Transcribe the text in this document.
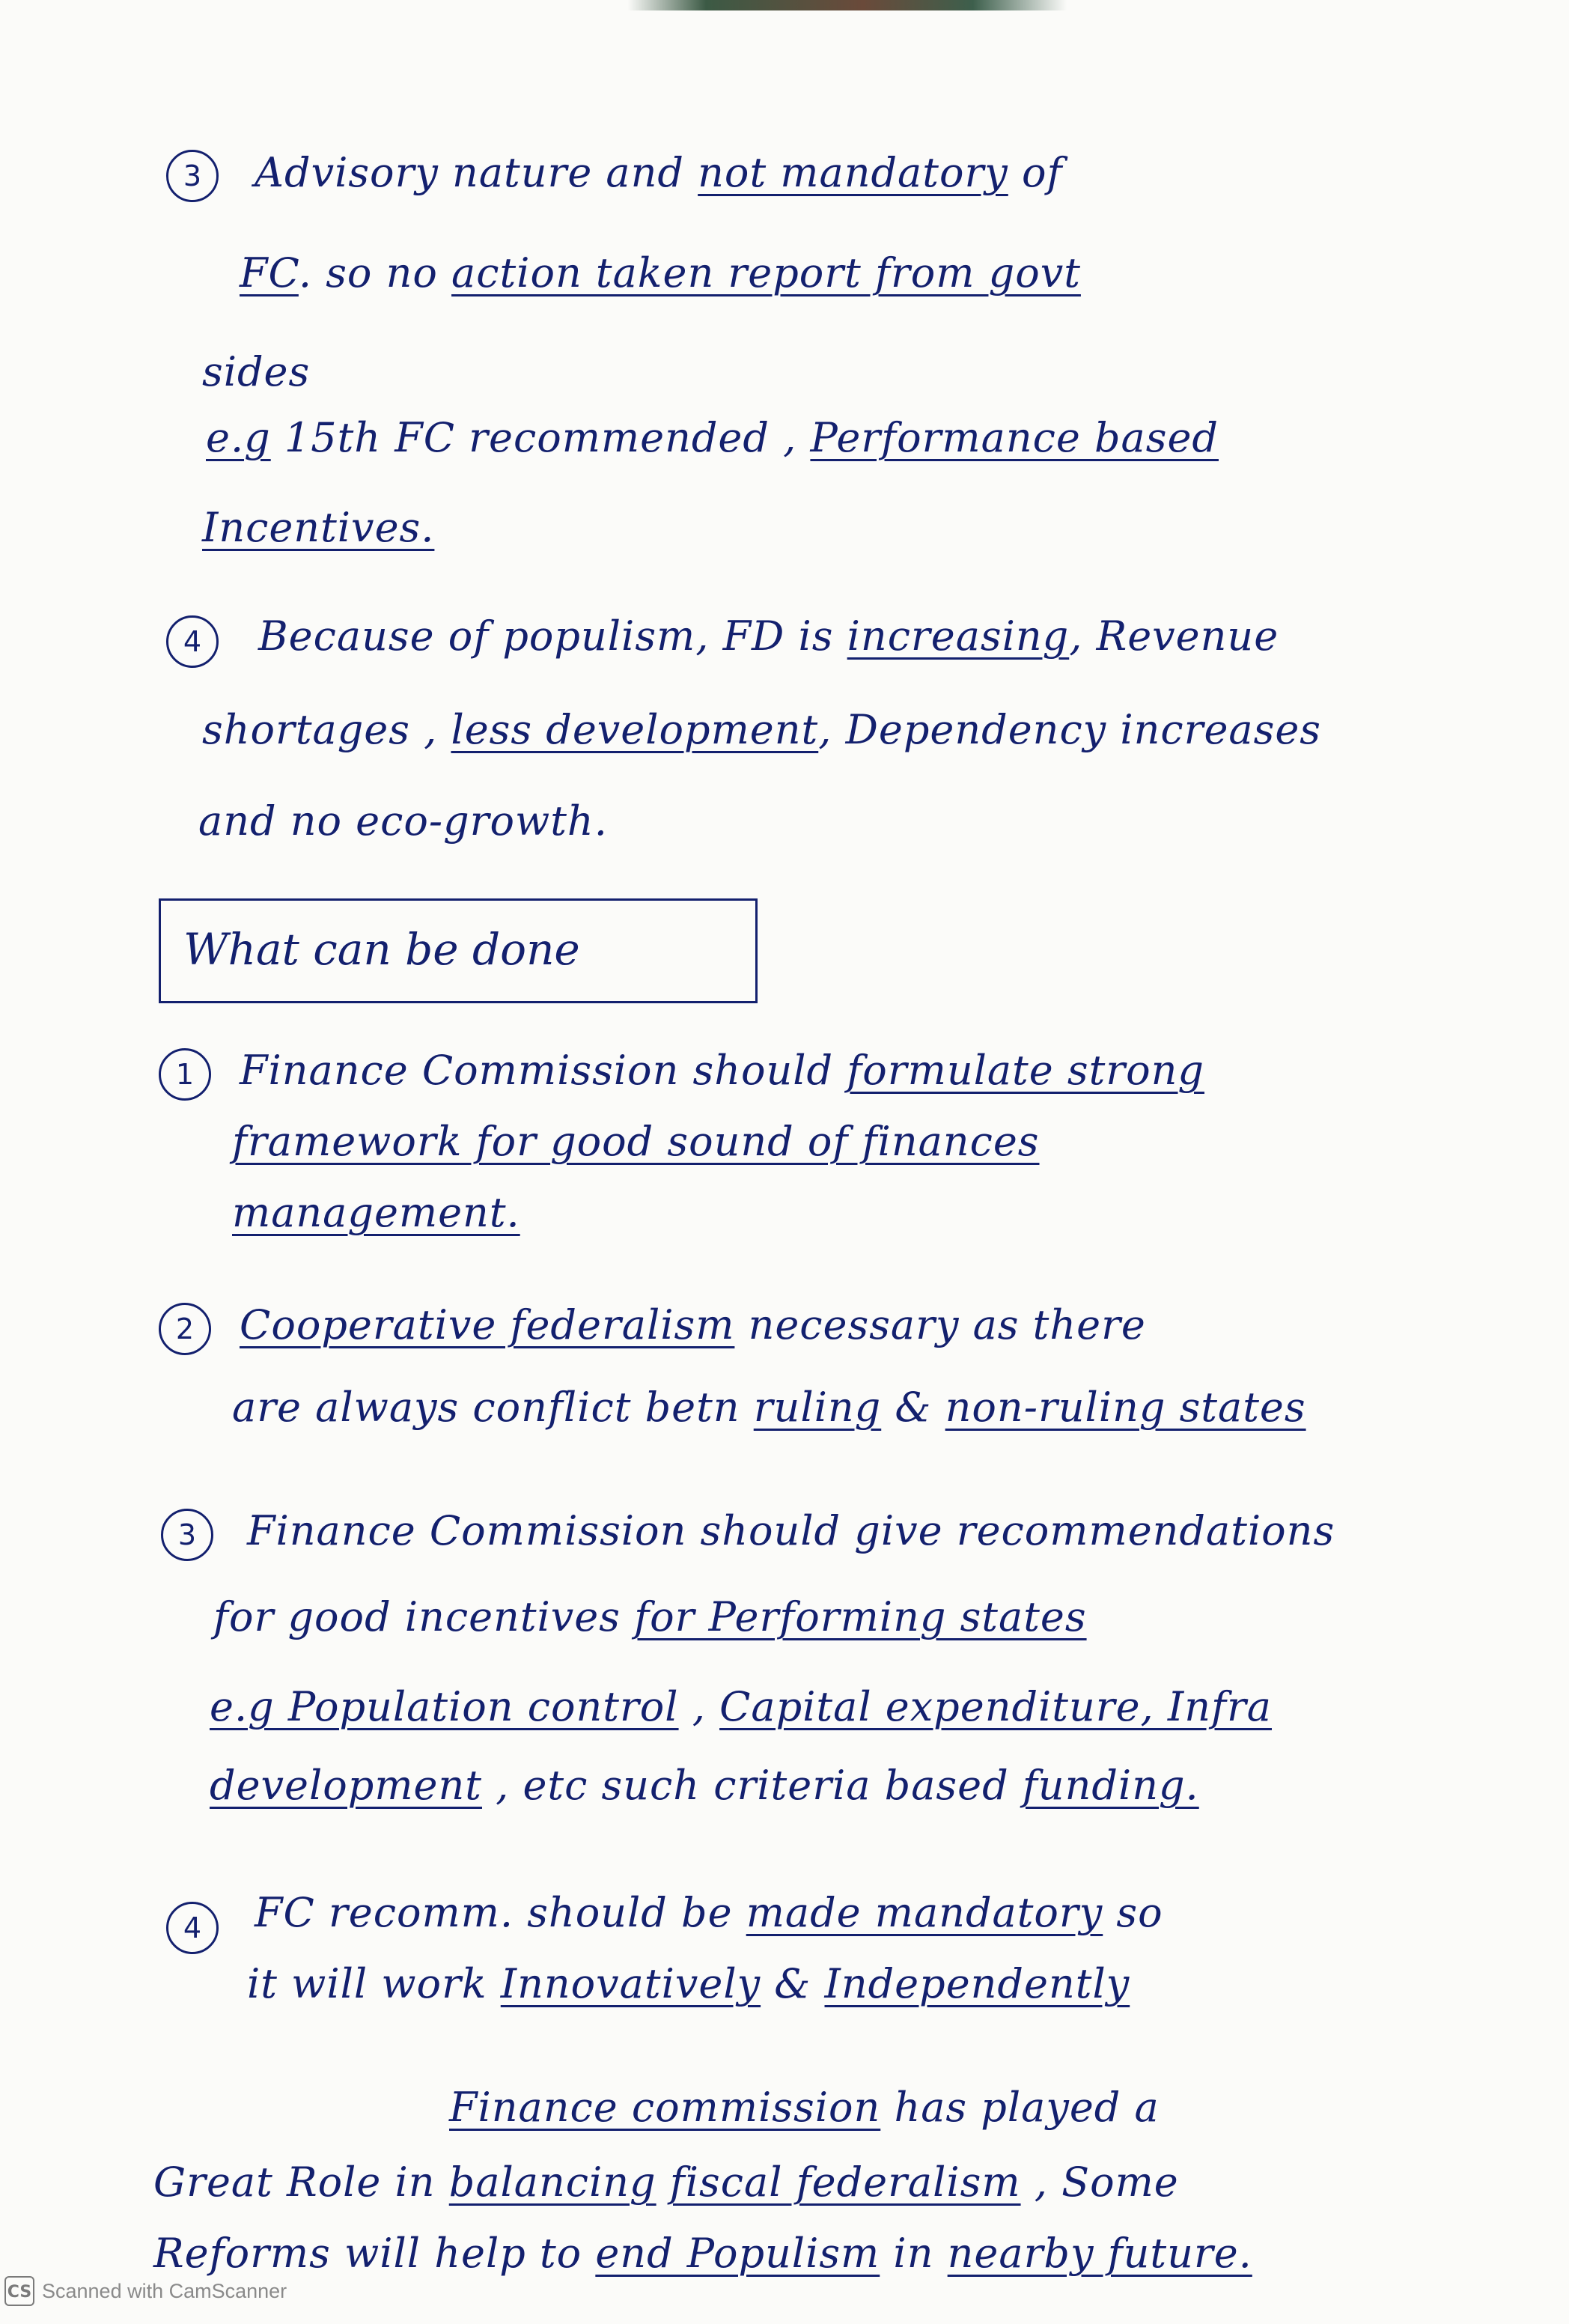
3	Advisory nature and not mandatory of
FC. so no action taken report from govt
sides
e.g 15th FC recommended , Performance based
Incentives.
4	Because of populism, FD is increasing, Revenue
shortages , less development, Dependency increases
and no eco-growth.
What can be done
1	Finance Commission should formulate strong
framework for good sound of finances
management.
2	Cooperative federalism necessary as there
are always conflict betn ruling & non-ruling states
3	Finance Commission should give recommendations
for good incentives for Performing states
e.g Population control , Capital expenditure, Infra
development , etc such criteria based funding.
4	FC recomm. should be made mandatory so
it will work Innovatively & Independently
Finance commission has played a
Great Role in balancing fiscal federalism , Some
Reforms will help to end Populism in nearby future.
CS Scanned with CamScanner
